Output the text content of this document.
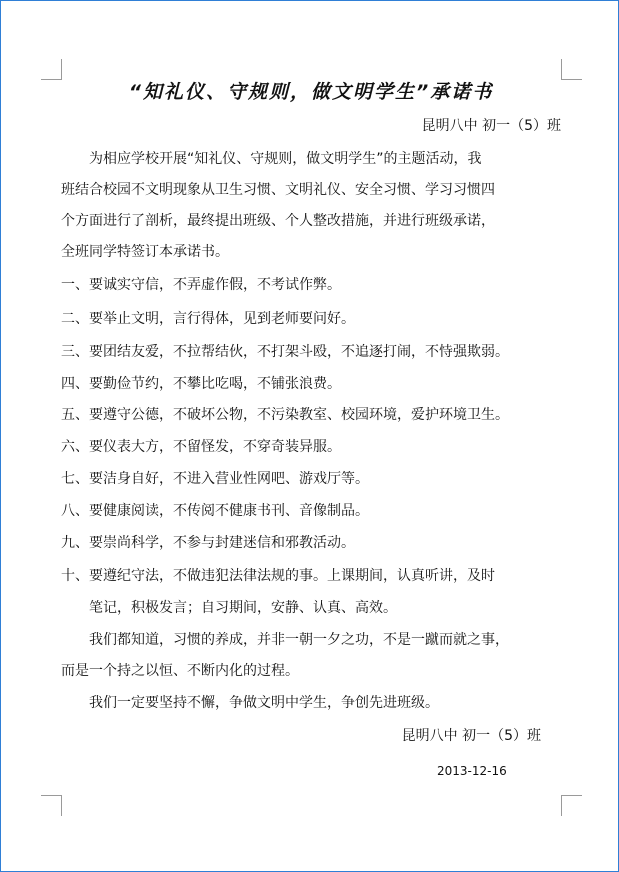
“知礼仪、守规则，做文明学生”承诺书
昆明八中 初一（5）班
为相应学校开展“知礼仪、守规则，做文明学生”的主题活动，我
班结合校园不文明现象从卫生习惯、文明礼仪、安全习惯、学习习惯四
个方面进行了剖析，最终提出班级、个人整改措施，并进行班级承诺，
全班同学特签订本承诺书。
一、要诚实守信，不弄虚作假，不考试作弊。
二、要举止文明，言行得体，见到老师要问好。
三、要团结友爱，不拉帮结伙，不打架斗殴，不追逐打闹，不恃强欺弱。
四、要勤俭节约，不攀比吃喝，不铺张浪费。
五、要遵守公德，不破坏公物，不污染教室、校园环境，爱护环境卫生。
六、要仪表大方，不留怪发，不穿奇装异服。
七、要洁身自好，不进入营业性网吧、游戏厅等。
八、要健康阅读，不传阅不健康书刊、音像制品。
九、要崇尚科学，不参与封建迷信和邪教活动。
十、要遵纪守法，不做违犯法律法规的事。上课期间，认真听讲，及时
笔记，积极发言；自习期间，安静、认真、高效。
我们都知道，习惯的养成，并非一朝一夕之功，不是一蹴而就之事，
而是一个持之以恒、不断内化的过程。
我们一定要坚持不懈，争做文明中学生，争创先进班级。
昆明八中 初一（5）班
2013-12-16
